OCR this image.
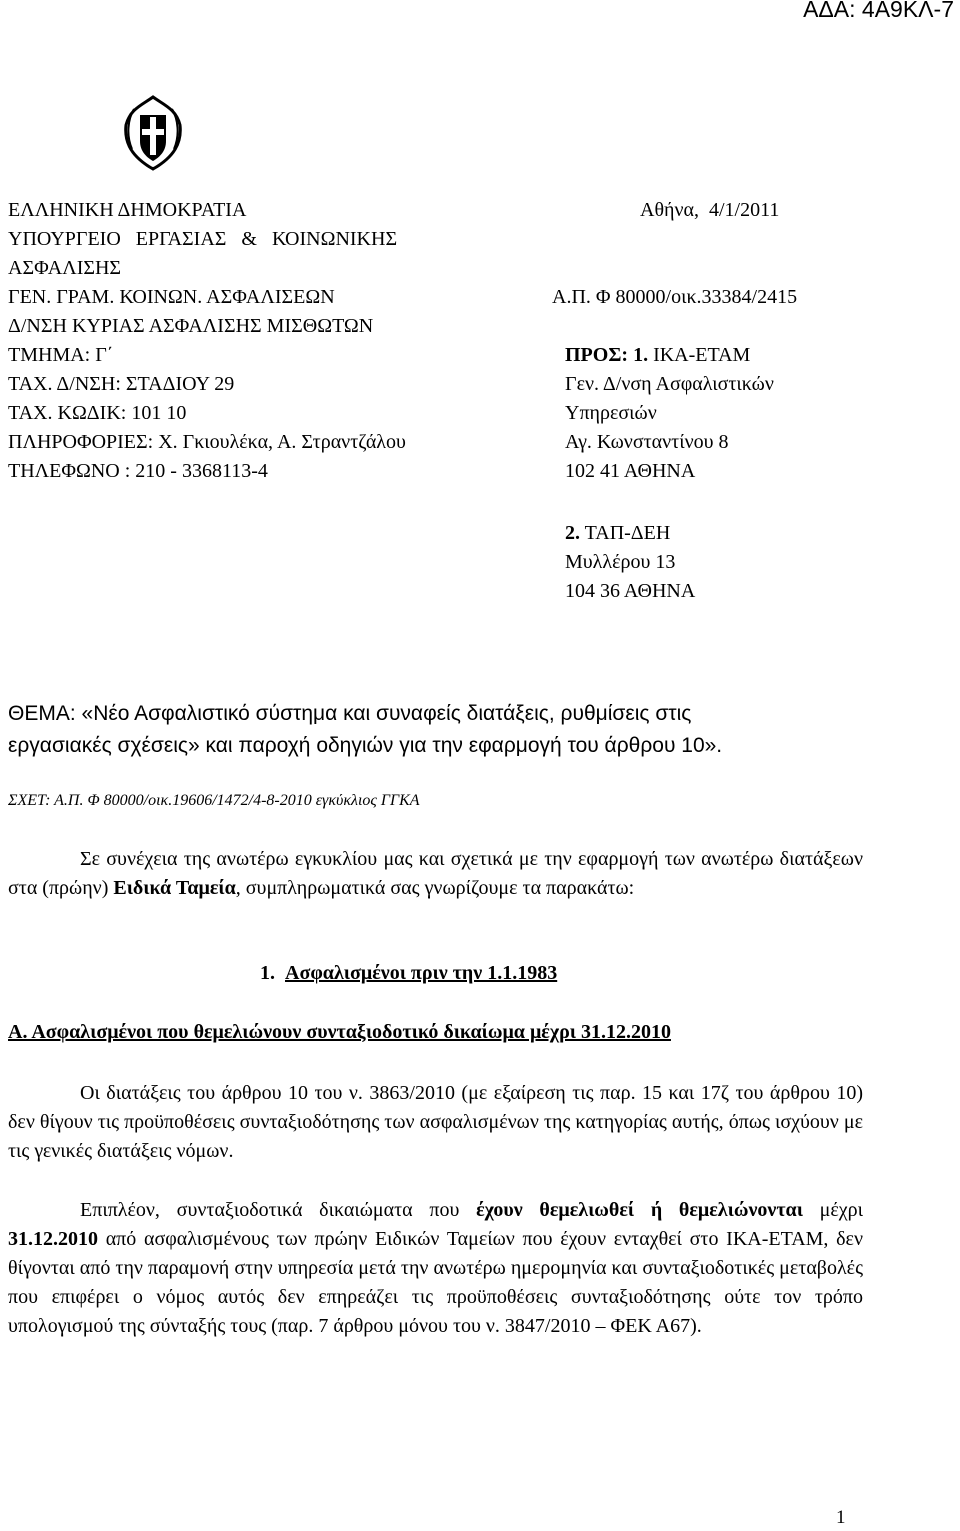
ΑΔΑ: 4Α9ΚΛ-7
ΕΛΛΗΝΙΚΗ ΔΗΜΟΚΡΑΤΙΑ
ΥΠΟΥΡΓΕΙΟ   ΕΡΓΑΣΙΑΣ   &   ΚΟΙΝΩΝΙΚΗΣ
ΑΣΦΑΛΙΣΗΣ
ΓΕΝ. ΓΡΑΜ. ΚΟΙΝΩΝ. ΑΣΦΑΛΙΣΕΩΝ
Δ/ΝΣΗ ΚΥΡΙΑΣ ΑΣΦΑΛΙΣΗΣ ΜΙΣΘΩΤΩΝ
ΤΜΗΜΑ: Γ΄
ΤΑΧ. Δ/ΝΣΗ: ΣΤΑΔΙΟΥ 29
ΤΑΧ. ΚΩΔΙΚ: 101 10
ΠΛΗΡΟΦΟΡΙΕΣ: Χ. Γκιουλέκα, Α. Στραντζάλου
ΤΗΛΕΦΩΝΟ : 210 - 3368113-4
Αθήνα,  4/1/2011
Α.Π. Φ 80000/οικ.33384/2415
ΠΡΟΣ: 1. ΙΚΑ-ΕΤΑΜ
Γεν. Δ/νση Ασφαλιστικών
Υπηρεσιών
Αγ. Κωνσταντίνου 8
102 41 ΑΘΗΝΑ
2. ΤΑΠ-ΔΕΗ
Μυλλέρου 13
104 36 ΑΘΗΝΑ
ΘΕΜΑ: «Νέο Ασφαλιστικό σύστημα και συναφείς διατάξεις, ρυθμίσεις στις
εργασιακές σχέσεις» και παροχή οδηγιών για την εφαρμογή του άρθρου 10».
ΣΧΕΤ: Α.Π. Φ 80000/οικ.19606/1472/4-8-2010 εγκύκλιος ΓΓΚΑ
Σε συνέχεια της ανωτέρω εγκυκλίου μας και σχετικά με την εφαρμογή των ανωτέρω διατάξεων στα (πρώην) Ειδικά Ταμεία, συμπληρωματικά σας γνωρίζουμε τα παρακάτω:
1. Ασφαλισμένοι πριν την 1.1.1983
Α. Ασφαλισμένοι που θεμελιώνουν συνταξιοδοτικό δικαίωμα μέχρι 31.12.2010
Οι διατάξεις του άρθρου 10 του ν. 3863/2010 (με εξαίρεση τις παρ. 15 και 17ζ του άρθρου 10) δεν θίγουν τις προϋποθέσεις συνταξιοδότησης των ασφαλισμένων της κατηγορίας αυτής, όπως ισχύουν με τις γενικές διατάξεις νόμων.
Επιπλέον, συνταξιοδοτικά δικαιώματα που έχουν θεμελιωθεί ή θεμελιώνονται μέχρι 31.12.2010 από ασφαλισμένους των πρώην Ειδικών Ταμείων που έχουν ενταχθεί στο ΙΚΑ-ΕΤΑΜ, δεν θίγονται από την παραμονή στην υπηρεσία μετά την ανωτέρω ημερομηνία και συνταξιοδοτικές μεταβολές που επιφέρει ο νόμος αυτός δεν επηρεάζει τις προϋποθέσεις συνταξιοδότησης ούτε τον τρόπο υπολογισμού της σύνταξής τους (παρ. 7 άρθρου μόνου του ν. 3847/2010 – ΦΕΚ Α67).
1
